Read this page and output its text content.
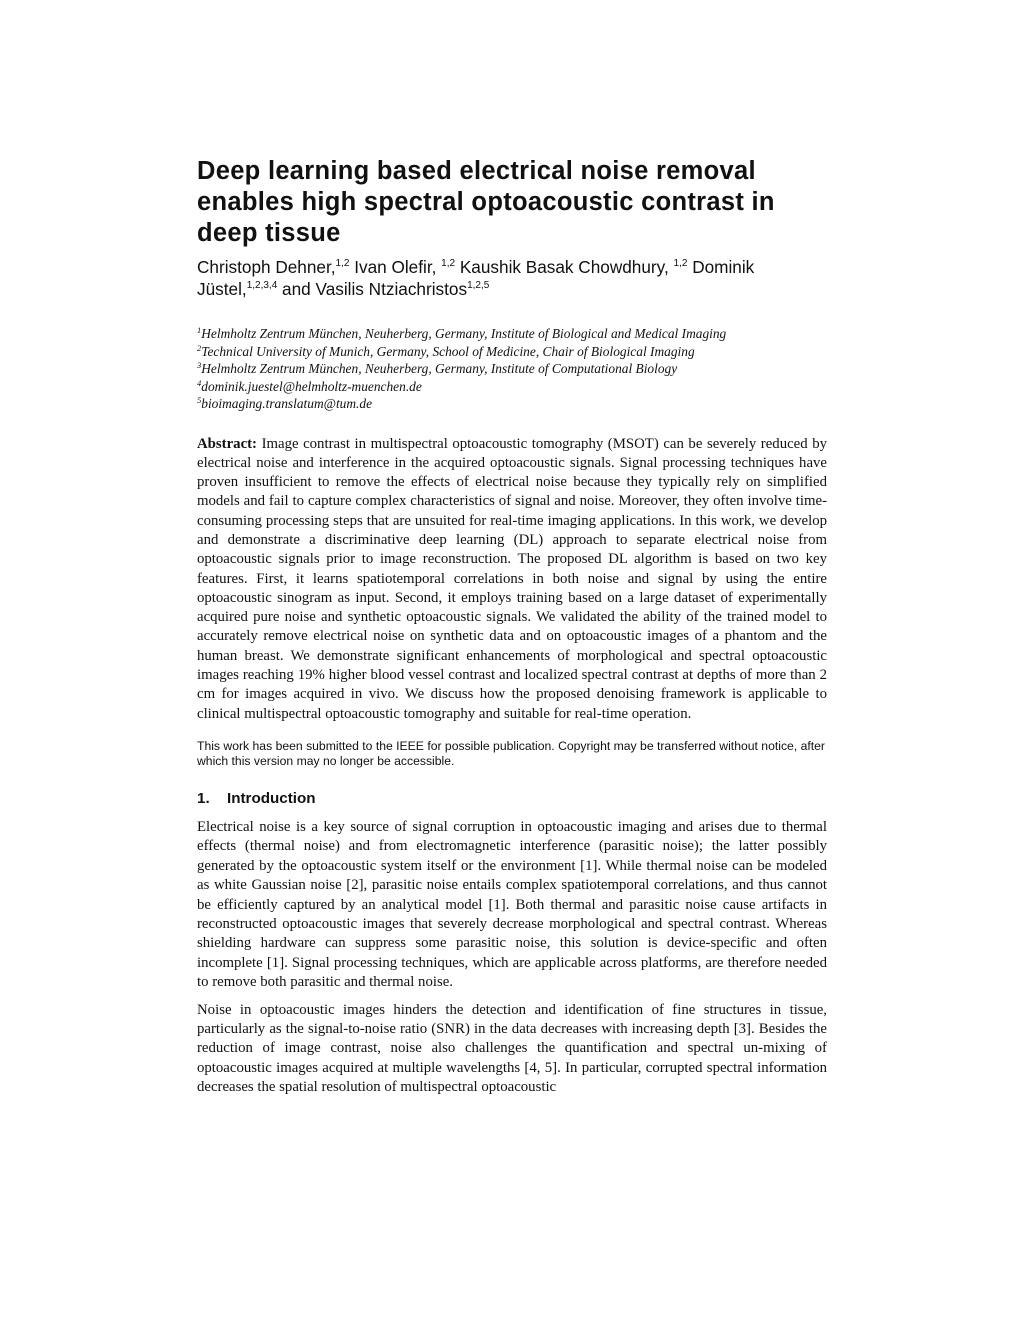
Deep learning based electrical noise removal
enables high spectral optoacoustic contrast in
deep tissue
Christoph Dehner,$^{1,2}$ Ivan Olefir, $^{1,2}$ Kaushik Basak Chowdhury, $^{1,2}$ Dominik Jüstel,$^{1,2,3,4}$ and Vasilis Ntziachristos$^{1,2,5}$
$^1$Helmholtz Zentrum München, Neuherberg, Germany, Institute of Biological and Medical Imaging
$^2$Technical University of Munich, Germany, School of Medicine, Chair of Biological Imaging
$^3$Helmholtz Zentrum München, Neuherberg, Germany, Institute of Computational Biology
$^4$dominik.juestel@helmholtz-muenchen.de
$^5$bioimaging.translatum@tum.de

Abstract: Image contrast in multispectral optoacoustic tomography (MSOT) can be severely reduced by electrical noise and interference in the acquired optoacoustic signals. Signal processing techniques have proven insufficient to remove the effects of electrical noise because they typically rely on simplified models and fail to capture complex characteristics of signal and noise. Moreover, they often involve time-consuming processing steps that are unsuited for real-time imaging applications. In this work, we develop and demonstrate a discriminative deep learning (DL) approach to separate electrical noise from optoacoustic signals prior to image reconstruction. The proposed DL algorithm is based on two key features. First, it learns spatiotemporal correlations in both noise and signal by using the entire optoacoustic sinogram as input. Second, it employs training based on a large dataset of experimentally acquired pure noise and synthetic optoacoustic signals. We validated the ability of the trained model to accurately remove electrical noise on synthetic data and on optoacoustic images of a phantom and the human breast. We demonstrate significant enhancements of morphological and spectral optoacoustic images reaching 19% higher blood vessel contrast and localized spectral contrast at depths of more than 2 cm for images acquired in vivo. We discuss how the proposed denoising framework is applicable to clinical multispectral optoacoustic tomography and suitable for real-time operation.

This work has been submitted to the IEEE for possible publication. Copyright may be transferred without notice, after which this version may no longer be accessible.

1. Introduction

Electrical noise is a key source of signal corruption in optoacoustic imaging and arises due to thermal effects (thermal noise) and from electromagnetic interference (parasitic noise); the latter possibly generated by the optoacoustic system itself or the environment [1]. While thermal noise can be modeled as white Gaussian noise [2], parasitic noise entails complex spatiotemporal correlations, and thus cannot be efficiently captured by an analytical model [1]. Both thermal and parasitic noise cause artifacts in reconstructed optoacoustic images that severely decrease morphological and spectral contrast. Whereas shielding hardware can suppress some parasitic noise, this solution is device-specific and often incomplete [1]. Signal processing techniques, which are applicable across platforms, are therefore needed to remove both parasitic and thermal noise.

Noise in optoacoustic images hinders the detection and identification of fine structures in tissue, particularly as the signal-to-noise ratio (SNR) in the data decreases with increasing depth [3]. Besides the reduction of image contrast, noise also challenges the quantification and spectral un-mixing of optoacoustic images acquired at multiple wavelengths [4, 5]. In particular, corrupted spectral information decreases the spatial resolution of multispectral optoacoustic
